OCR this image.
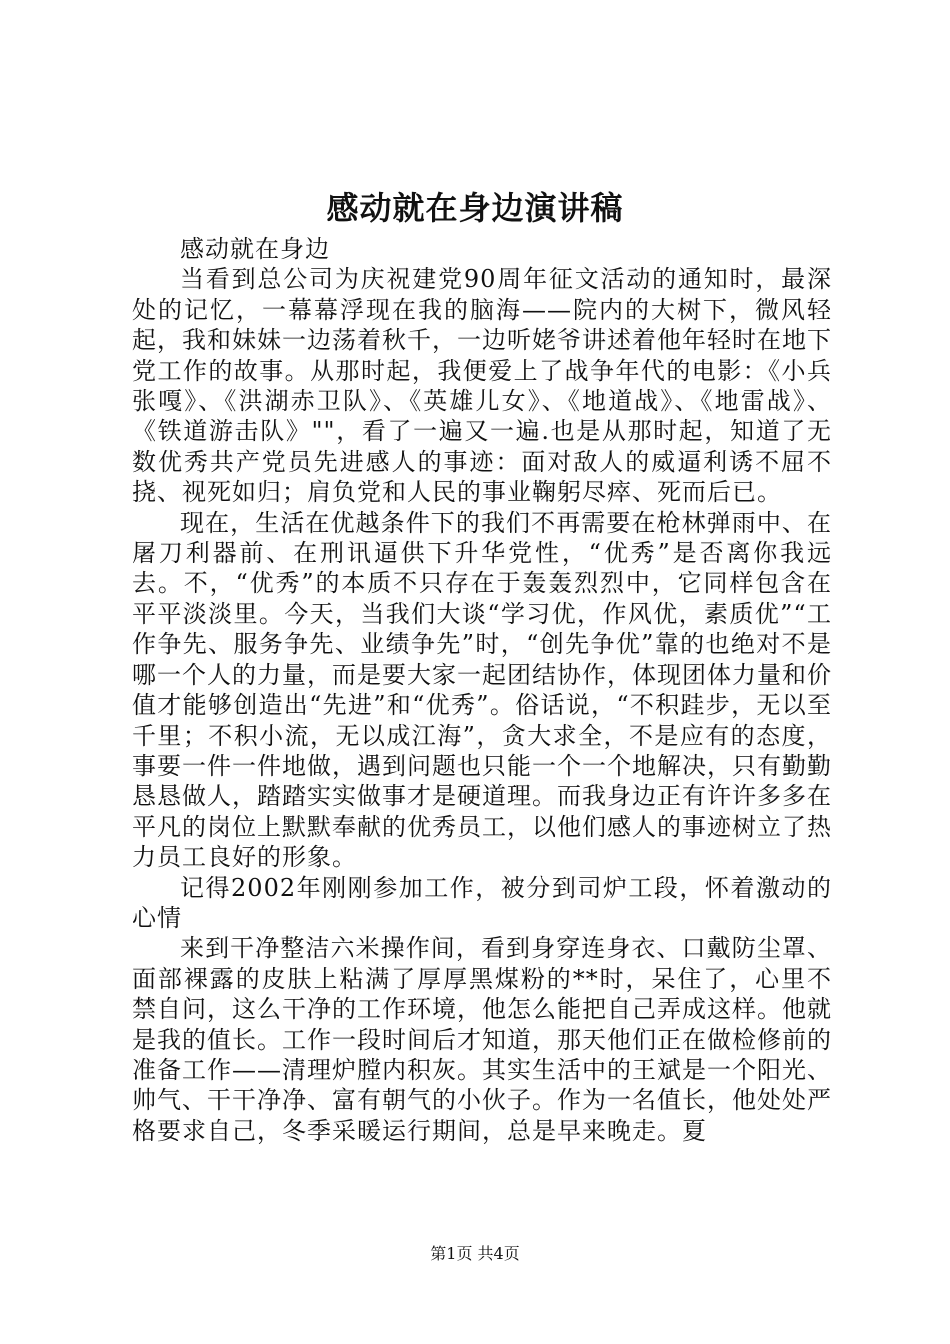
感动就在身边演讲稿

感动就在身边

当看到总公司为庆祝建党90周年征文活动的通知时，最深处的记忆，一幕幕浮现在我的脑海——院内的大树下，微风轻起，我和妹妹一边荡着秋千，一边听姥爷讲述着他年轻时在地下党工作的故事。从那时起，我便爱上了战争年代的电影：《小兵张嘎》、《洪湖赤卫队》、《英雄儿女》、《地道战》、《地雷战》、《铁道游击队》""，看了一遍又一遍.也是从那时起，知道了无数优秀共产党员先进感人的事迹：面对敌人的威逼利诱不屈不挠、视死如归；肩负党和人民的事业鞠躬尽瘁、死而后已。

现在，生活在优越条件下的我们不再需要在枪林弹雨中、在屠刀利器前、在刑讯逼供下升华党性，“优秀”是否离你我远去。不，“优秀”的本质不只存在于轰轰烈烈中，它同样包含在平平淡淡里。今天，当我们大谈“学习优，作风优，素质优”“工作争先、服务争先、业绩争先”时，“创先争优”靠的也绝对不是哪一个人的力量，而是要大家一起团结协作，体现团体力量和价值才能够创造出“先进”和“优秀”。俗话说，“不积跬步，无以至千里；不积小流，无以成江海”，贪大求全，不是应有的态度，事要一件一件地做，遇到问题也只能一个一个地解决，只有勤勤恳恳做人，踏踏实实做事才是硬道理。而我身边正有许许多多在平凡的岗位上默默奉献的优秀员工，以他们感人的事迹树立了热力员工良好的形象。

记得2002年刚刚参加工作，被分到司炉工段，怀着激动的心情

来到干净整洁六米操作间，看到身穿连身衣、口戴防尘罩、面部裸露的皮肤上粘满了厚厚黑煤粉的**时，呆住了，心里不禁自问，这么干净的工作环境，他怎么能把自己弄成这样。他就是我的值长。工作一段时间后才知道，那天他们正在做检修前的准备工作——清理炉膛内积灰。其实生活中的王斌是一个阳光、帅气、干干净净、富有朝气的小伙子。作为一名值长，他处处严格要求自己，冬季采暖运行期间，总是早来晚走。夏

第1页 共4页
